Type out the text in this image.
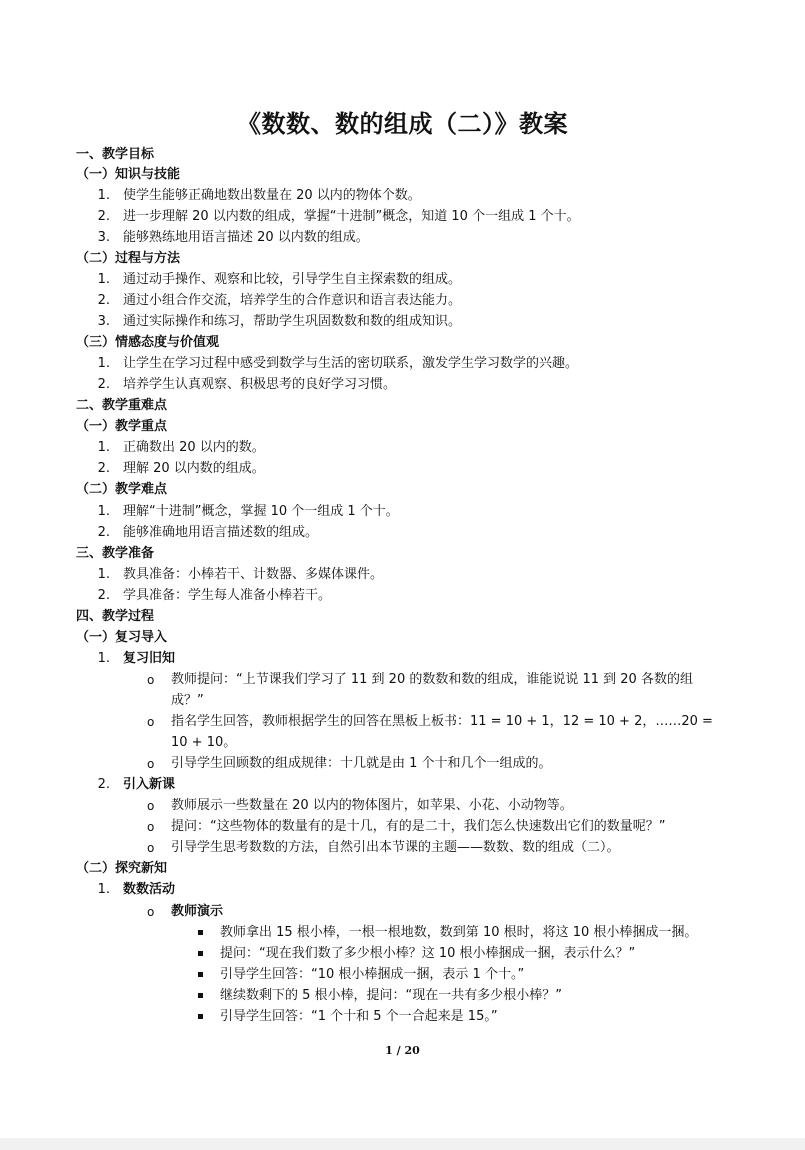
《数数、数的组成（二）》教案
一、教学目标
（一）知识与技能
1. 使学生能够正确地数出数量在 20 以内的物体个数。
2. 进一步理解 20 以内数的组成，掌握“十进制”概念，知道 10 个一组成 1 个十。
3. 能够熟练地用语言描述 20 以内数的组成。
（二）过程与方法
1. 通过动手操作、观察和比较，引导学生自主探索数的组成。
2. 通过小组合作交流，培养学生的合作意识和语言表达能力。
3. 通过实际操作和练习，帮助学生巩固数数和数的组成知识。
（三）情感态度与价值观
1. 让学生在学习过程中感受到数学与生活的密切联系，激发学生学习数学的兴趣。
2. 培养学生认真观察、积极思考的良好学习习惯。
二、教学重难点
（一）教学重点
1. 正确数出 20 以内的数。
2. 理解 20 以内数的组成。
（二）教学难点
1. 理解“十进制”概念，掌握 10 个一组成 1 个十。
2. 能够准确地用语言描述数的组成。
三、教学准备
1. 教具准备：小棒若干、计数器、多媒体课件。
2. 学具准备：学生每人准备小棒若干。
四、教学过程
（一）复习导入
1. 复习旧知
o 教师提问：“上节课我们学习了 11 到 20 的数数和数的组成，谁能说说 11 到 20 各数的组
成？”
o 指名学生回答，教师根据学生的回答在黑板上板书：11 = 10 + 1，12 = 10 + 2，……20 =
10 + 10。
o 引导学生回顾数的组成规律：十几就是由 1 个十和几个一组成的。
2. 引入新课
o 教师展示一些数量在 20 以内的物体图片，如苹果、小花、小动物等。
o 提问：“这些物体的数量有的是十几，有的是二十，我们怎么快速数出它们的数量呢？”
o 引导学生思考数数的方法，自然引出本节课的主题——数数、数的组成（二）。
（二）探究新知
1. 数数活动
o 教师演示
教师拿出 15 根小棒，一根一根地数，数到第 10 根时，将这 10 根小棒捆成一捆。
提问：“现在我们数了多少根小棒？这 10 根小棒捆成一捆，表示什么？”
引导学生回答：“10 根小棒捆成一捆，表示 1 个十。”
继续数剩下的 5 根小棒，提问：“现在一共有多少根小棒？”
引导学生回答：“1 个十和 5 个一合起来是 15。”
1 / 20
